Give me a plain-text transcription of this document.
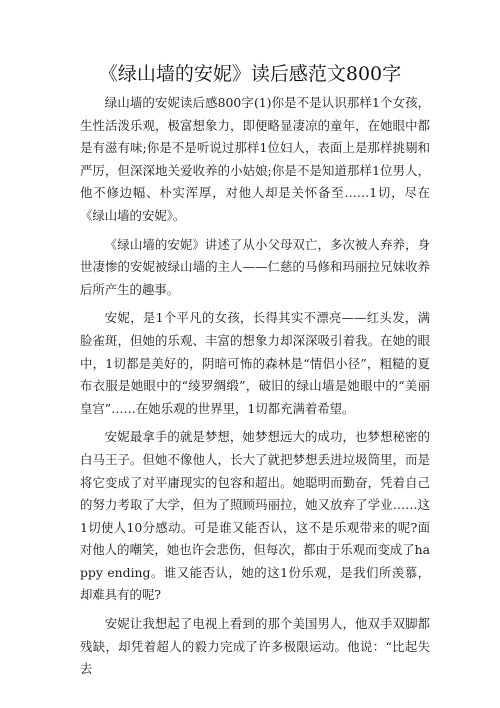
《绿山墙的安妮》读后感范文800字

绿山墙的安妮读后感800字(1)你是不是认识那样1个女孩，生性活泼乐观，极富想象力，即便略显凄凉的童年，在她眼中都是有滋有味;你是不是听说过那样1位妇人，表面上是那样挑剔和严厉，但深深地关爱收养的小姑娘;你是不是知道那样1位男人，他不修边幅、朴实浑厚，对他人却是关怀备至……1切，尽在《绿山墙的安妮》。

《绿山墙的安妮》讲述了从小父母双亡，多次被人弃养，身世凄惨的安妮被绿山墙的主人——仁慈的马修和玛丽拉兄妹收养后所产生的趣事。

安妮，是1个平凡的女孩，长得其实不漂亮——红头发，满脸雀斑，但她的乐观、丰富的想象力却深深吸引着我。在她的眼中，1切都是美好的，阴暗可怖的森林是“情侣小径”，粗糙的夏布衣服是她眼中的“绫罗绸缎”，破旧的绿山墙是她眼中的“美丽皇宫”……在她乐观的世界里，1切都充满着希望。

安妮最拿手的就是梦想，她梦想远大的成功，也梦想秘密的白马王子。但她不像他人，长大了就把梦想丢进垃圾筒里，而是将它变成了对平庸现实的包容和超出。她聪明而勤奋，凭着自己的努力考取了大学，但为了照顾玛丽拉，她又放弃了学业……这1切使人10分感动。可是谁又能否认，这不是乐观带来的呢?面对他人的嘲笑，她也许会悲伤，但每次，都由于乐观而变成了happy ending。谁又能否认，她的这1份乐观，是我们所羡慕，却难具有的呢?

安妮让我想起了电视上看到的那个美国男人，他双手双脚都残缺，却凭着超人的毅力完成了许多极限运动。他说：“比起失去
